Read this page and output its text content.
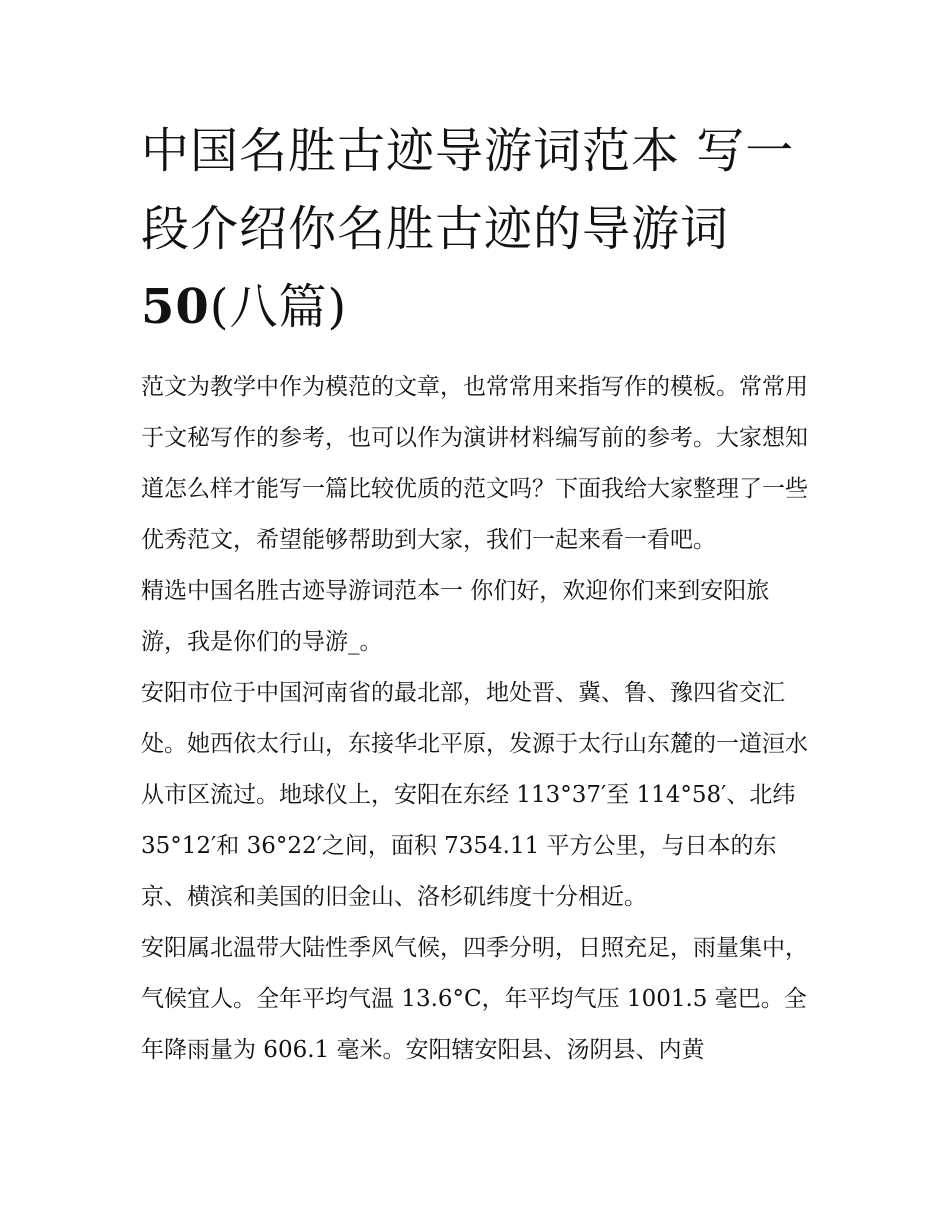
中国名胜古迹导游词范本 写一
段介绍你名胜古迹的导游词
50(八篇)

范文为教学中作为模范的文章，也常常用来指写作的模板。常常用于文秘写作的参考，也可以作为演讲材料编写前的参考。大家想知道怎么样才能写一篇比较优质的范文吗？下面我给大家整理了一些优秀范文，希望能够帮助到大家，我们一起来看一看吧。

精选中国名胜古迹导游词范本一 你们好，欢迎你们来到安阳旅游，我是你们的导游_。

安阳市位于中国河南省的最北部，地处晋、冀、鲁、豫四省交汇处。她西依太行山，东接华北平原，发源于太行山东麓的一道洹水从市区流过。地球仪上，安阳在东经 113°37′至 114°58′、北纬 35°12′和 36°22′之间，面积 7354.11 平方公里，与日本的东京、横滨和美国的旧金山、洛杉矶纬度十分相近。

安阳属北温带大陆性季风气候，四季分明，日照充足，雨量集中，气候宜人。全年平均气温 13.6°C，年平均气压 1001.5 毫巴。全年降雨量为 606.1 毫米。安阳辖安阳县、汤阴县、内黄
